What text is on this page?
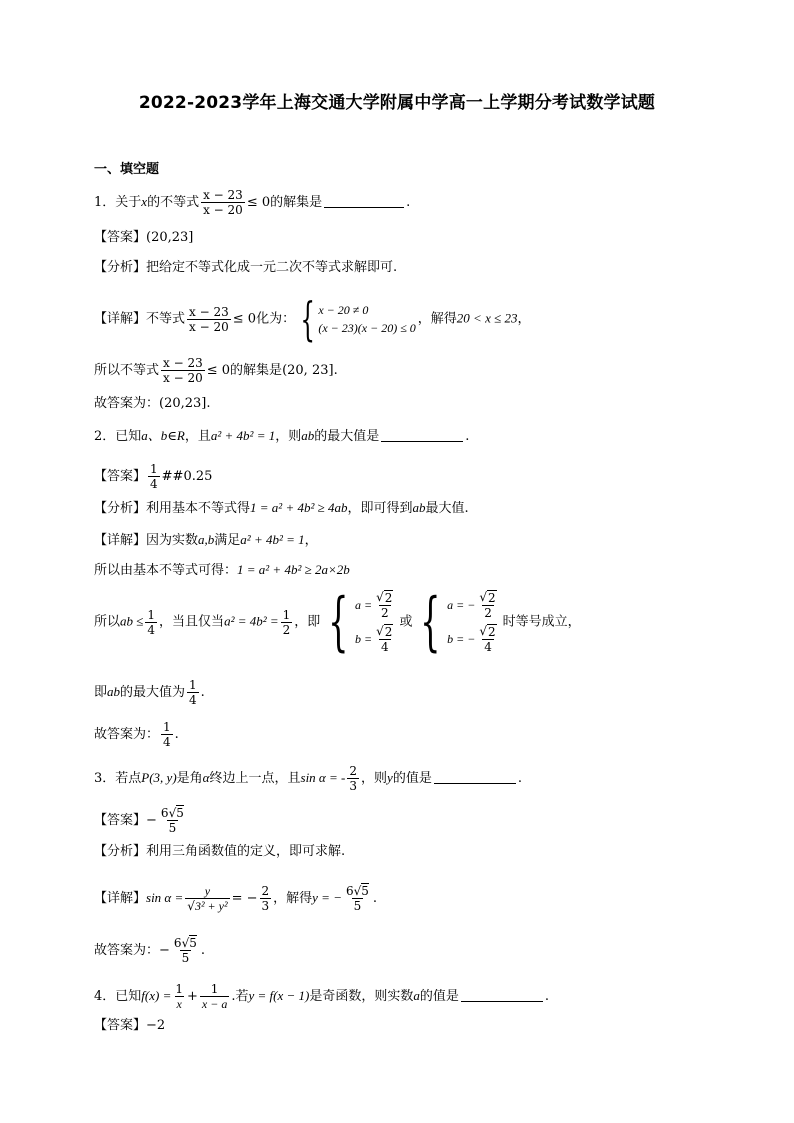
2022-2023学年上海交通大学附属中学高一上学期分考试数学试题
一、填空题
1．关于x的不等式 $\frac{x - 23}{x - 20} \le 0$的解集是	.
【答案】(20,23]
【分析】把给定不等式化成一元二次不等式求解即可.
【详解】不等式 $\frac{x - 23}{x - 20} \le 0$化为： { x − 20 ≠ 0
(x − 23)(x − 20) ≤ 0
，解得20 < x ≤ 23，
所以不等式 $\frac{x - 23}{x - 20} \le 0$的解集是(20, 23].
故答案为：(20,23].
2．已知a、b∈R，且a² + 4b² = 1，则ab的最大值是	.
【答案】 $\frac{1}{4}$ ##0.25
【分析】利用基本不等式得1 = a² + 4b² ≥ 4ab，即可得到ab最大值.
【详解】因为实数a,b满足a² + 4b² = 1，
所以由基本不等式可得：1 = a² + 4b² ≥ 2a×2b
所以ab ≤ $\frac{1}{4}$ ，当且仅当$a^2 = 4b^2 = \frac{1}{2}$ ，即 { $a = \frac{√ 2}{2}$
$b = \frac{√ 2}{4}$
或 { a = − $\frac{√ 2}{2}$
b = − $\frac{√ 2}{4}$
时等号成立，
即ab的最大值为 $\frac{1}{4}$ .
故答案为： $\frac{1}{4}$ .
3．若点P(3, y)是角α终边上一点，且sin α = - $\frac{2}{3}$ ，则y的值是	.
【答案】− $\frac{6√5}{5}$
【分析】利用三角函数值的定义，即可求解.
【详解】$\sin \alpha = \frac{y}{\text{√3² + y²}}$ = − $\frac{2}{3}$ ，解得y = − $\frac{6√5}{5}$ .
故答案为：− $\frac{6√5}{5}$ .
4．已知$f(x) = \frac{1}{x} + \frac{1}{x - a}$ .若y = f(x − 1)是奇函数，则实数a的值是	.
【答案】−2
